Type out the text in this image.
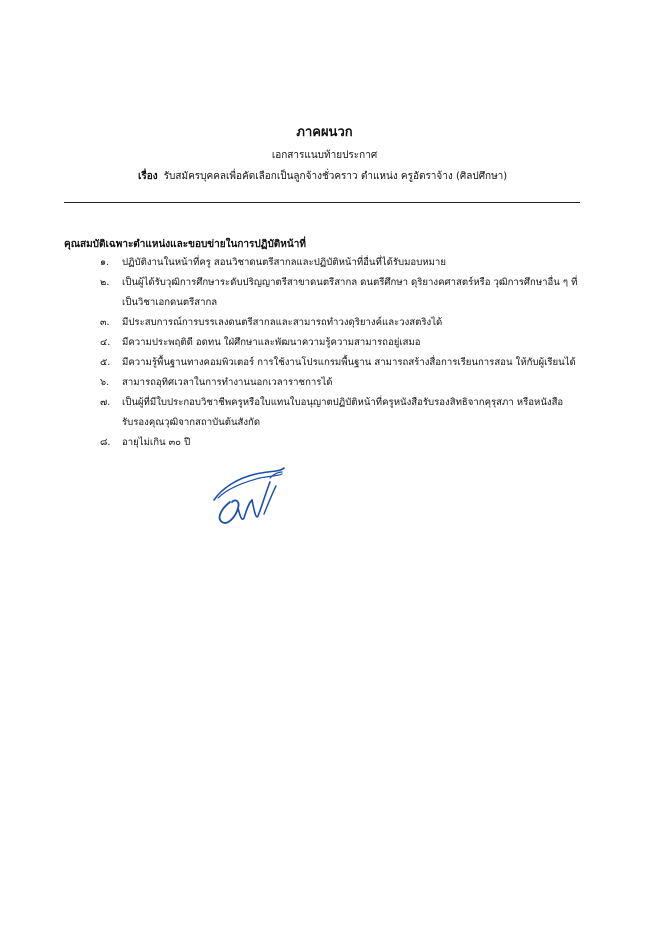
ภาคผนวก
เอกสารแนบท้ายประกาศ
เรื่อง รับสมัครบุคคลเพื่อคัดเลือกเป็นลูกจ้างชั่วคราว ตำแหน่ง ครูอัตราจ้าง (ศิลปศึกษา)
คุณสมบัติเฉพาะตำแหน่งและขอบข่ายในการปฏิบัติหน้าที่
๑.	ปฏิบัติงานในหน้าที่ครู สอนวิชาดนตรีสากลและปฏิบัติหน้าที่อื่นที่ได้รับมอบหมาย
๒.	เป็นผู้ได้รับวุฒิการศึกษาระดับปริญญาตรีสาขาดนตรีสากล ดนตรีศึกษา ดุริยางคศาสตร์หรือ วุฒิการศึกษาอื่น ๆ ที่เป็นวิชาเอกดนตรีสากล
๓.	มีประสบการณ์การบรรเลงดนตรีสากลและสามารถทำวงดุริยางค์และวงสตริงได้
๔.	มีความประพฤติดี อดทน ใฝ่ศึกษาและพัฒนาความรู้ความสามารถอยู่เสมอ
๕.	มีความรู้พื้นฐานทางคอมพิวเตอร์ การใช้งานโปรแกรมพื้นฐาน สามารถสร้างสื่อการเรียนการสอน ให้กับผู้เรียนได้
๖.	สามารถอุทิศเวลาในการทำงานนอกเวลาราชการได้
๗.	เป็นผู้ที่มีใบประกอบวิชาชีพครูหรือใบแทนใบอนุญาตปฏิบัติหน้าที่ครูหนังสือรับรองสิทธิจากคุรุสภา หรือหนังสือรับรองคุณวุฒิจากสถาบันต้นสังกัด
๘.	อายุไม่เกิน ๓๐ ปี
